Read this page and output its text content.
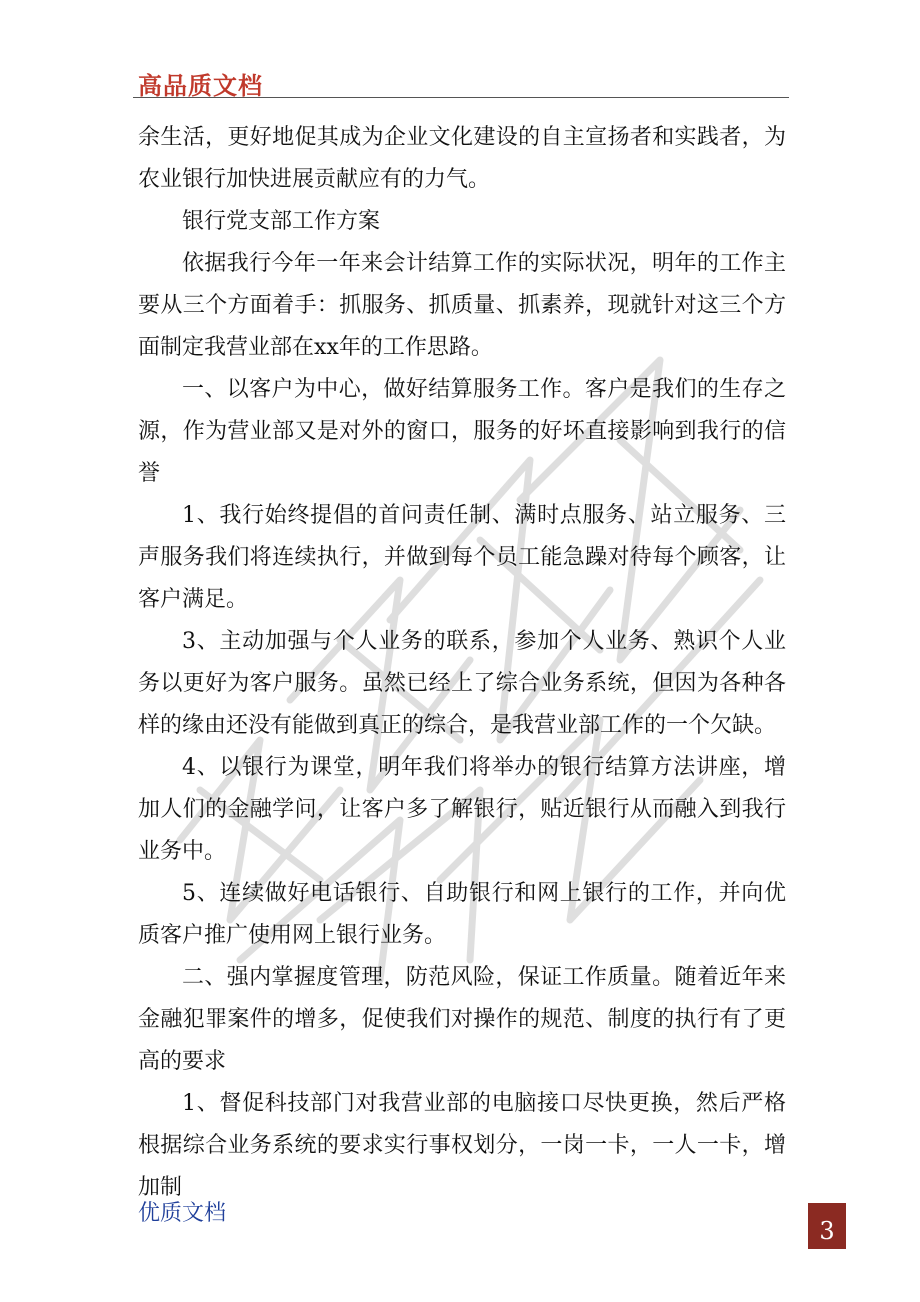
高品质文档

余生活，更好地促其成为企业文化建设的自主宣扬者和实践者，为农业银行加快进展贡献应有的力气。

银行党支部工作方案

依据我行今年一年来会计结算工作的实际状况，明年的工作主要从三个方面着手：抓服务、抓质量、抓素养，现就针对这三个方面制定我营业部在xx年的工作思路。

一、以客户为中心，做好结算服务工作。客户是我们的生存之源，作为营业部又是对外的窗口，服务的好坏直接影响到我行的信誉

1、我行始终提倡的首问责任制、满时点服务、站立服务、三声服务我们将连续执行，并做到每个员工能急躁对待每个顾客，让客户满足。

3、主动加强与个人业务的联系，参加个人业务、熟识个人业务以更好为客户服务。虽然已经上了综合业务系统，但因为各种各样的缘由还没有能做到真正的综合，是我营业部工作的一个欠缺。

4、以银行为课堂，明年我们将举办的银行结算方法讲座，增加人们的金融学问，让客户多了解银行，贴近银行从而融入到我行业务中。

5、连续做好电话银行、自助银行和网上银行的工作，并向优质客户推广使用网上银行业务。

二、强内掌握度管理，防范风险，保证工作质量。随着近年来金融犯罪案件的增多，促使我们对操作的规范、制度的执行有了更高的要求

1、督促科技部门对我营业部的电脑接口尽快更换，然后严格根据综合业务系统的要求实行事权划分，一岗一卡，一人一卡，增加制

优质文档
3
